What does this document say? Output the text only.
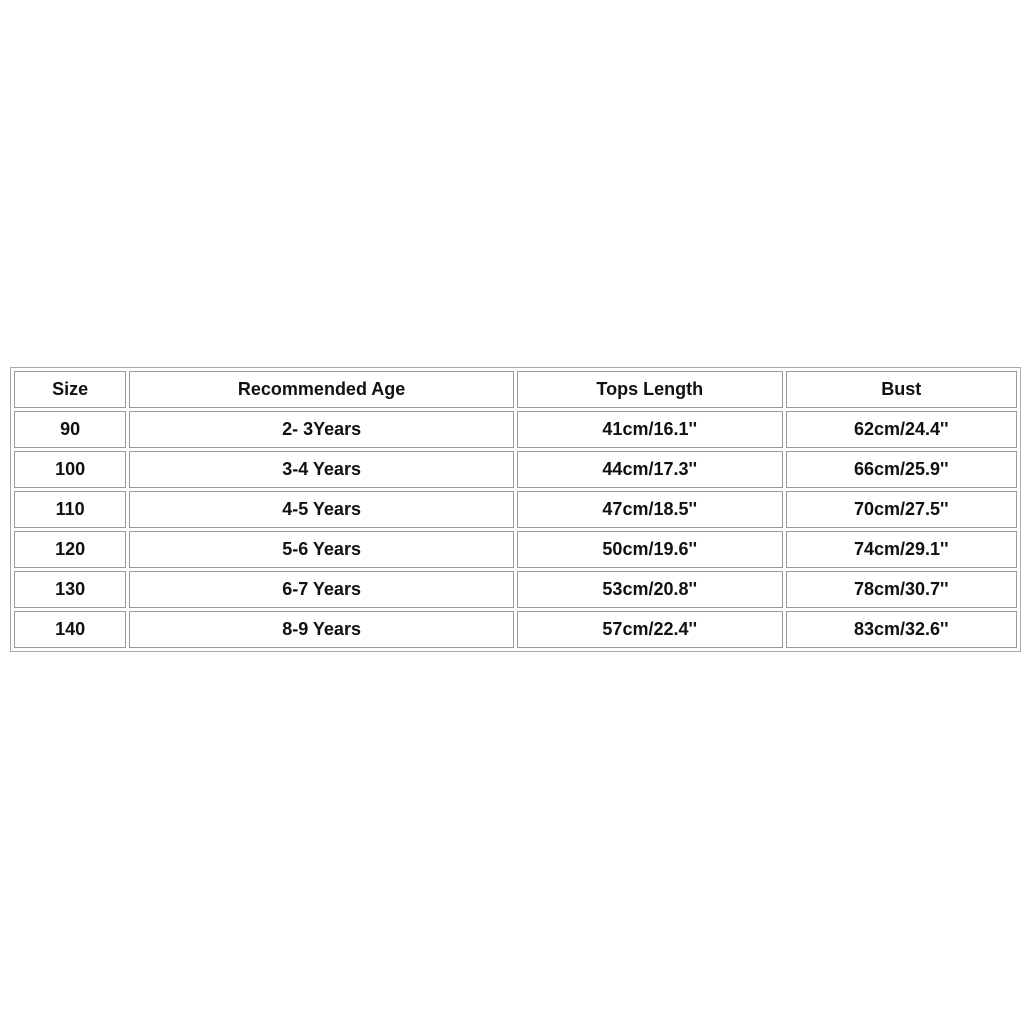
Size	Recommended Age	Tops Length	Bust
90	2- 3Years	41cm/16.1''	62cm/24.4''
100	3-4 Years	44cm/17.3''	66cm/25.9''
110	4-5 Years	47cm/18.5''	70cm/27.5''
120	5-6 Years	50cm/19.6''	74cm/29.1''
130	6-7 Years	53cm/20.8''	78cm/30.7''
140	8-9 Years	57cm/22.4''	83cm/32.6''
